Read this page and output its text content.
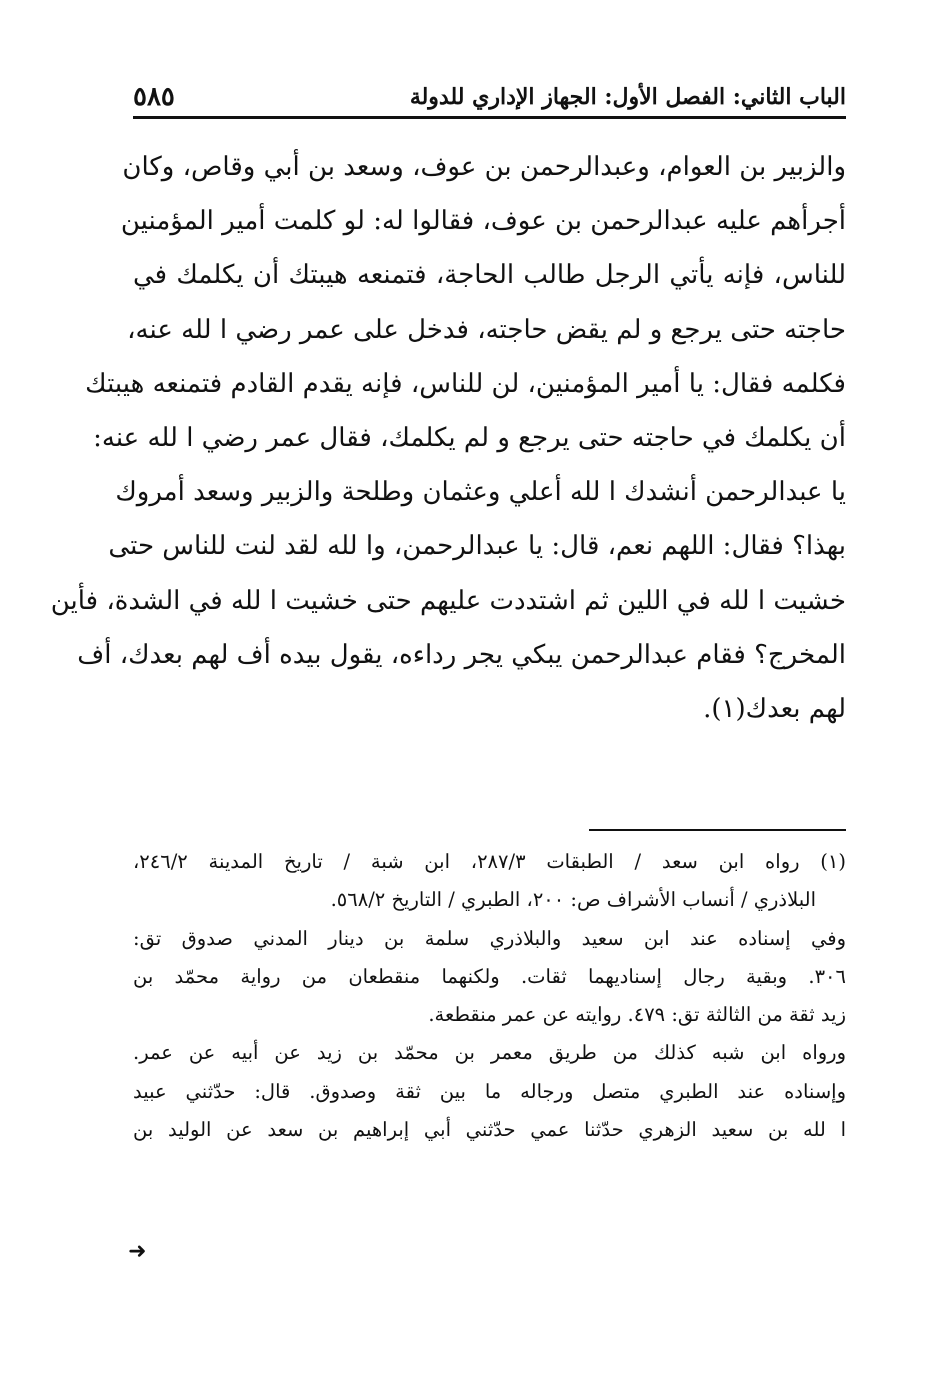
٥٨٥	الباب الثاني: الفصل الأول: الجهاز الإداري للدولة
والزبير بن العوام، وعبدالرحمن بن عوف، وسعد بن أبي وقاص، وكان
أجرأهم عليه عبدالرحمن بن عوف، فقالوا له: لو كلمت أمير المؤمنين
للناس، فإنه يأتي الرجل طالب الحاجة، فتمنعه هيبتك أن يكلمك في
حاجته حتى يرجع و لم يقض حاجته، فدخل على عمر رضي ا لله عنه،
فكلمه فقال: يا أمير المؤمنين، لن للناس، فإنه يقدم القادم فتمنعه هيبتك
أن يكلمك في حاجته حتى يرجع و لم يكلمك، فقال عمر رضي ا لله عنه:
يا عبدالرحمن أنشدك ا لله أعلي وعثمان وطلحة والزبير وسعد أمروك
بهذا؟ فقال: اللهم نعم، قال: يا عبدالرحمن، وا لله لقد لنت للناس حتى
خشيت ا لله في اللين ثم اشتددت عليهم حتى خشيت ا لله في الشدة، فأين
المخرج؟ فقام عبدالرحمن يبكي يجر رداءه، يقول بيده أف لهم بعدك، أف
لهم بعدك(١).
(١) رواه ابن سعد / الطبقات ٢٨٧/٣، ابن شبة / تاريخ المدينة ٢٤٦/٢،
البلاذري / أنساب الأشراف ص: ٢٠٠، الطبري / التاريخ ٥٦٨/٢.
وفي إسناده عند ابن سعيد والبلاذري سلمة بن دينار المدني صدوق تق:
٣٠٦. وبقية رجال إسناديهما ثقات. ولكنهما منقطعان من رواية محمّد بن
زيد ثقة من الثالثة تق: ٤٧٩. روايته عن عمر منقطعة.
ورواه ابن شبه كذلك من طريق معمر بن محمّد بن زيد عن أبيه عن عمر.
وإسناده عند الطبري متصل ورجاله ما بين ثقة وصدوق. قال: حدّثني عبيد
ا لله بن سعيد الزهري حدّثنا عمي حدّثني أبي إبراهيم بن سعد عن الوليد بن
➜
